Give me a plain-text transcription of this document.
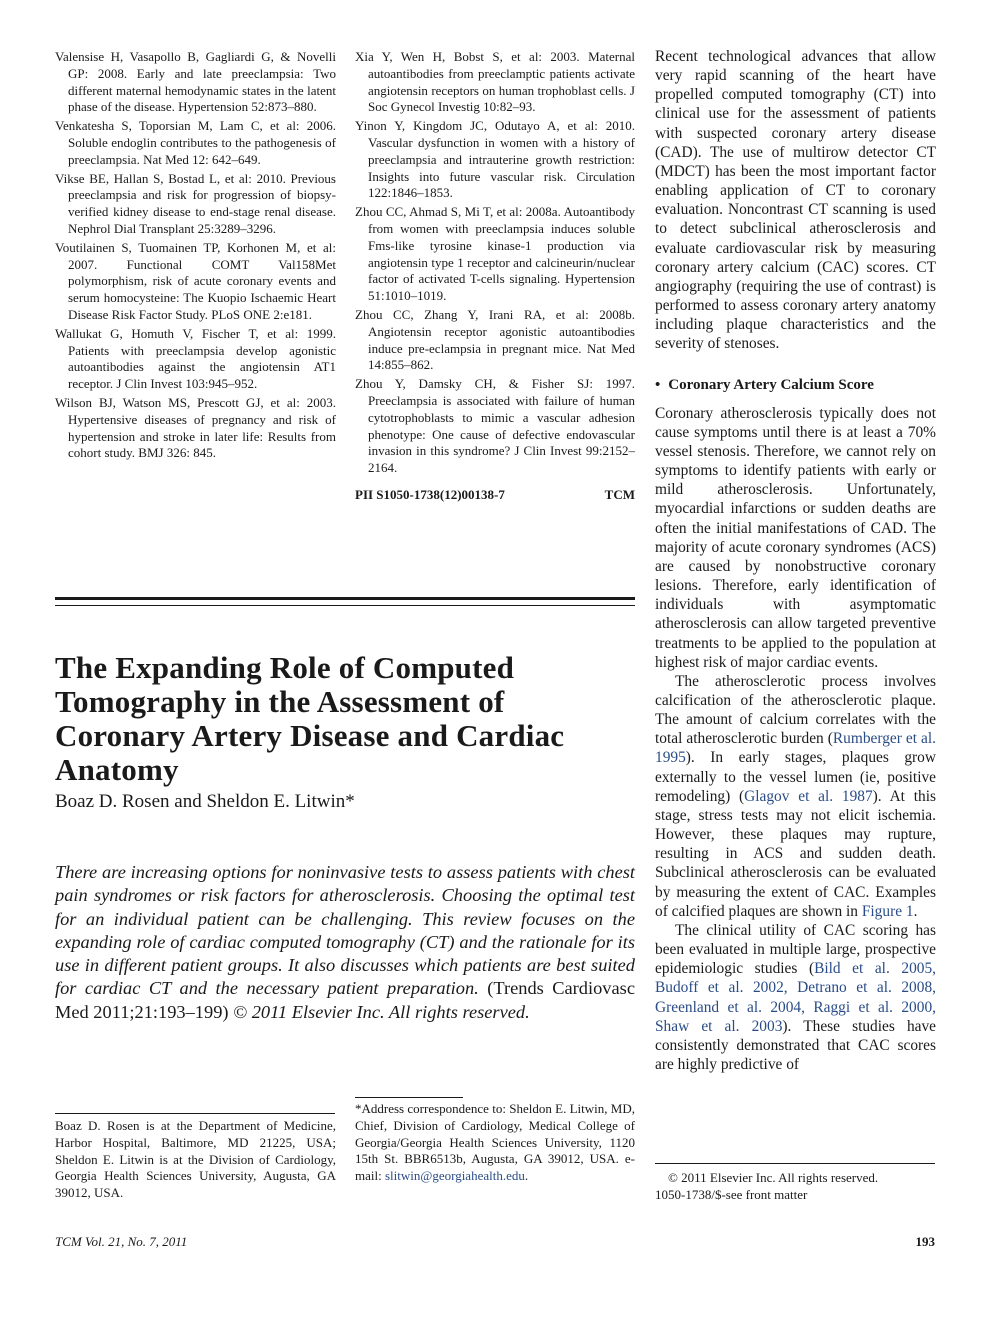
Valensise H, Vasapollo B, Gagliardi G, & Novelli GP: 2008. Early and late preeclampsia: Two different maternal hemodynamic states in the latent phase of the disease. Hypertension 52:873–880.

Venkatesha S, Toporsian M, Lam C, et al: 2006. Soluble endoglin contributes to the pathogenesis of preeclampsia. Nat Med 12: 642–649.

Vikse BE, Hallan S, Bostad L, et al: 2010. Previous preeclampsia and risk for progression of biopsy-verified kidney disease to end-stage renal disease. Nephrol Dial Transplant 25:3289–3296.

Voutilainen S, Tuomainen TP, Korhonen M, et al: 2007. Functional COMT Val158Met polymorphism, risk of acute coronary events and serum homocysteine: The Kuopio Ischaemic Heart Disease Risk Factor Study. PLoS ONE 2:e181.

Wallukat G, Homuth V, Fischer T, et al: 1999. Patients with preeclampsia develop agonistic autoantibodies against the angiotensin AT1 receptor. J Clin Invest 103:945–952.

Wilson BJ, Watson MS, Prescott GJ, et al: 2003. Hypertensive diseases of pregnancy and risk of hypertension and stroke in later life: Results from cohort study. BMJ 326: 845.

Xia Y, Wen H, Bobst S, et al: 2003. Maternal autoantibodies from preeclamptic patients activate angiotensin receptors on human trophoblast cells. J Soc Gynecol Investig 10:82–93.

Yinon Y, Kingdom JC, Odutayo A, et al: 2010. Vascular dysfunction in women with a history of preeclampsia and intrauterine growth restriction: Insights into future vascular risk. Circulation 122:1846–1853.

Zhou CC, Ahmad S, Mi T, et al: 2008a. Autoantibody from women with preeclampsia induces soluble Fms-like tyrosine kinase-1 production via angiotensin type 1 receptor and calcineurin/nuclear factor of activated T-cells signaling. Hypertension 51:1010–1019.

Zhou CC, Zhang Y, Irani RA, et al: 2008b. Angiotensin receptor agonistic autoantibodies induce pre-eclampsia in pregnant mice. Nat Med 14:855–862.

Zhou Y, Damsky CH, & Fisher SJ: 1997. Preeclampsia is associated with failure of human cytotrophoblasts to mimic a vascular adhesion phenotype: One cause of defective endovascular invasion in this syndrome? J Clin Invest 99:2152–2164.

PII S1050-1738(12)00138-7	TCM
The Expanding Role of Computed Tomography in the Assessment of Coronary Artery Disease and Cardiac Anatomy

Boaz D. Rosen and Sheldon E. Litwin*

There are increasing options for noninvasive tests to assess patients with chest pain syndromes or risk factors for atherosclerosis. Choosing the optimal test for an individual patient can be challenging. This review focuses on the expanding role of cardiac computed tomography (CT) and the rationale for its use in different patient groups. It also discusses which patients are best suited for cardiac CT and the necessary patient preparation. (Trends Cardiovasc Med 2011;21:193–199) © 2011 Elsevier Inc. All rights reserved.

Boaz D. Rosen is at the Department of Medicine, Harbor Hospital, Baltimore, MD 21225, USA; Sheldon E. Litwin is at the Division of Cardiology, Georgia Health Sciences University, Augusta, GA 39012, USA.

*Address correspondence to: Sheldon E. Litwin, MD, Chief, Division of Cardiology, Medical College of Georgia/Georgia Health Sciences University, 1120 15th St. BBR6513b, Augusta, GA 39012, USA. e-mail: slitwin@georgiahealth.edu.

Recent technological advances that allow very rapid scanning of the heart have propelled computed tomography (CT) into clinical use for the assessment of patients with suspected coronary artery disease (CAD). The use of multirow detector CT (MDCT) has been the most important factor enabling application of CT to coronary evaluation. Noncontrast CT scanning is used to detect subclinical atherosclerosis and evaluate cardiovascular risk by measuring coronary artery calcium (CAC) scores. CT angiography (requiring the use of contrast) is performed to assess coronary artery anatomy including plaque characteristics and the severity of stenoses.

• Coronary Artery Calcium Score

Coronary atherosclerosis typically does not cause symptoms until there is at least a 70% vessel stenosis. Therefore, we cannot rely on symptoms to identify patients with early or mild atherosclerosis. Unfortunately, myocardial infarctions or sudden deaths are often the initial manifestations of CAD. The majority of acute coronary syndromes (ACS) are caused by nonobstructive coronary lesions. Therefore, early identification of individuals with asymptomatic atherosclerosis can allow targeted preventive treatments to be applied to the population at highest risk of major cardiac events.

The atherosclerotic process involves calcification of the atherosclerotic plaque. The amount of calcium correlates with the total atherosclerotic burden (Rumberger et al. 1995). In early stages, plaques grow externally to the vessel lumen (ie, positive remodeling) (Glagov et al. 1987). At this stage, stress tests may not elicit ischemia. However, these plaques may rupture, resulting in ACS and sudden death. Subclinical atherosclerosis can be evaluated by measuring the extent of CAC. Examples of calcified plaques are shown in Figure 1.

The clinical utility of CAC scoring has been evaluated in multiple large, prospective epidemiologic studies (Bild et al. 2005, Budoff et al. 2002, Detrano et al. 2008, Greenland et al. 2004, Raggi et al. 2000, Shaw et al. 2003). These studies have consistently demonstrated that CAC scores are highly predictive of

© 2011 Elsevier Inc. All rights reserved.
1050-1738/$-see front matter

TCM Vol. 21, No. 7, 2011	193
